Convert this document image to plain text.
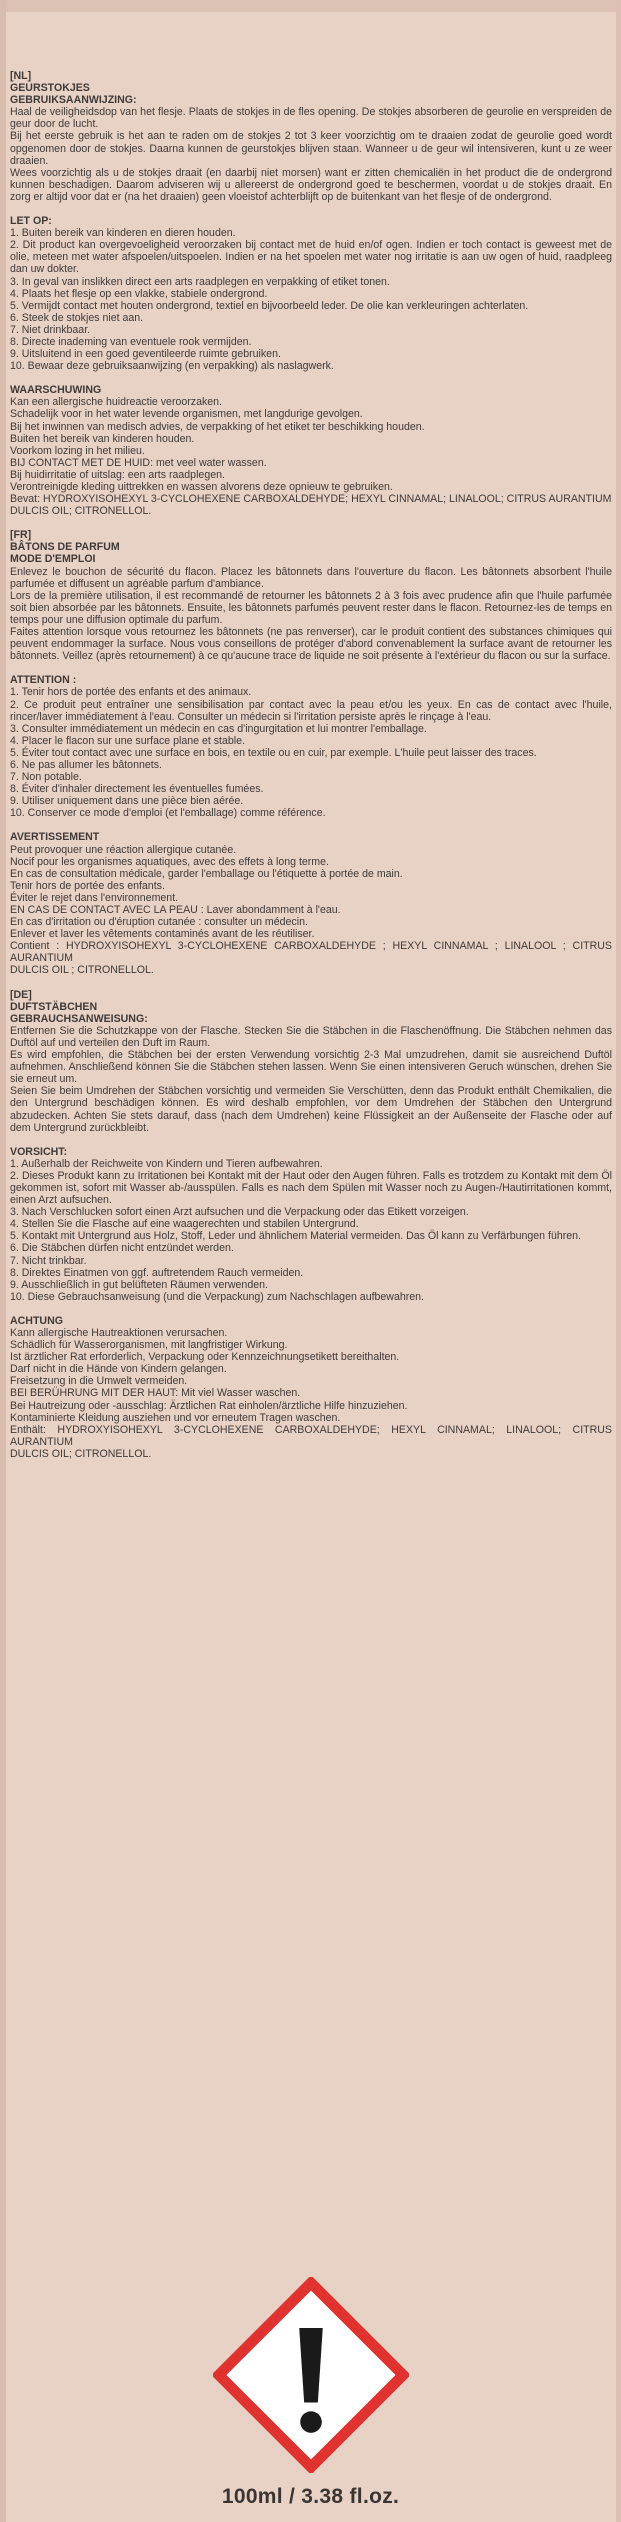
[NL]
GEURSTOKJES
GEBRUIKSAANWIJZING:
Haal de veiligheidsdop van het flesje. Plaats de stokjes in de fles opening. De stokjes absorberen de geurolie en verspreiden de geur door de lucht.
Bij het eerste gebruik is het aan te raden om de stokjes 2 tot 3 keer voorzichtig om te draaien zodat de geurolie goed wordt opgenomen door de stokjes. Daarna kunnen de geurstokjes blijven staan. Wanneer u de geur wil intensiveren, kunt u ze weer draaien.
Wees voorzichtig als u de stokjes draait (en daarbij niet morsen) want er zitten chemicaliën in het product die de ondergrond kunnen beschadigen. Daarom adviseren wij u allereerst de ondergrond goed te beschermen, voordat u de stokjes draait. En zorg er altijd voor dat er (na het draaien) geen vloeistof achterblijft op de buitenkant van het flesje of de ondergrond.
LET OP:
1. Buiten bereik van kinderen en dieren houden.
2. Dit product kan overgevoeligheid veroorzaken bij contact met de huid en/of ogen. Indien er toch contact is geweest met de olie, meteen met water afspoelen/uitspoelen. Indien er na het spoelen met water nog irritatie is aan uw ogen of huid, raadpleeg dan uw dokter.
3. In geval van inslikken direct een arts raadplegen en verpakking of etiket tonen.
4. Plaats het flesje op een vlakke, stabiele ondergrond.
5. Vermijdt contact met houten ondergrond, textiel en bijvoorbeeld leder. De olie kan verkleuringen achterlaten.
6. Steek de stokjes niet aan.
7. Niet drinkbaar.
8. Directe inademing van eventuele rook vermijden.
9. Uitsluitend in een goed geventileerde ruimte gebruiken.
10. Bewaar deze gebruiksaanwijzing (en verpakking) als naslagwerk.
WAARSCHUWING
Kan een allergische huidreactie veroorzaken.
Schadelijk voor in het water levende organismen, met langdurige gevolgen.
Bij het inwinnen van medisch advies, de verpakking of het etiket ter beschikking houden.
Buiten het bereik van kinderen houden.
Voorkom lozing in het milieu.
BIJ CONTACT MET DE HUID: met veel water wassen.
Bij huidirritatie of uitslag: een arts raadplegen.
Verontreinigde kleding uittrekken en wassen alvorens deze opnieuw te gebruiken.
Bevat: HYDROXYISOHEXYL 3-CYCLOHEXENE CARBOXALDEHYDE; HEXYL CINNAMAL; LINALOOL; CITRUS AURANTIUM
DULCIS OIL; CITRONELLOL.
[FR]
BÂTONS DE PARFUM
MODE D'EMPLOI
Enlevez le bouchon de sécurité du flacon. Placez les bâtonnets dans l'ouverture du flacon. Les bâtonnets absorbent l'huile parfumée et diffusent un agréable parfum d'ambiance.
Lors de la première utilisation, il est recommandé de retourner les bâtonnets 2 à 3 fois avec prudence afin que l'huile parfumée soit bien absorbée par les bâtonnets. Ensuite, les bâtonnets parfumés peuvent rester dans le flacon. Retournez-les de temps en temps pour une diffusion optimale du parfum.
Faites attention lorsque vous retournez les bâtonnets (ne pas renverser), car le produit contient des substances chimiques qui peuvent endommager la surface. Nous vous conseillons de protéger d'abord convenablement la surface avant de retourner les bâtonnets. Veillez (après retournement) à ce qu'aucune trace de liquide ne soit présente à l'extérieur du flacon ou sur la surface.
ATTENTION :
1. Tenir hors de portée des enfants et des animaux.
2. Ce produit peut entraîner une sensibilisation par contact avec la peau et/ou les yeux. En cas de contact avec l'huile, rincer/laver immédiatement à l'eau. Consulter un médecin si l'irritation persiste après le rinçage à l'eau.
3. Consulter immédiatement un médecin en cas d'ingurgitation et lui montrer l'emballage.
4. Placer le flacon sur une surface plane et stable.
5. Éviter tout contact avec une surface en bois, en textile ou en cuir, par exemple. L'huile peut laisser des traces.
6. Ne pas allumer les bâtonnets.
7. Non potable.
8. Éviter d'inhaler directement les éventuelles fumées.
9. Utiliser uniquement dans une pièce bien aérée.
10. Conserver ce mode d'emploi (et l'emballage) comme référence.
AVERTISSEMENT
Peut provoquer une réaction allergique cutanée.
Nocif pour les organismes aquatiques, avec des effets à long terme.
En cas de consultation médicale, garder l'emballage ou l'étiquette à portée de main.
Tenir hors de portée des enfants.
Éviter le rejet dans l'environnement.
EN CAS DE CONTACT AVEC LA PEAU : Laver abondamment à l'eau.
En cas d'irritation ou d'éruption cutanée : consulter un médecin.
Enlever et laver les vêtements contaminés avant de les réutiliser.
Contient : HYDROXYISOHEXYL 3-CYCLOHEXENE CARBOXALDEHYDE ; HEXYL CINNAMAL ; LINALOOL ; CITRUS AURANTIUM
DULCIS OIL ; CITRONELLOL.
[DE]
DUFTSTÄBCHEN
GEBRAUCHSANWEISUNG:
Entfernen Sie die Schutzkappe von der Flasche. Stecken Sie die Stäbchen in die Flaschenöffnung. Die Stäbchen nehmen das Duftöl auf und verteilen den Duft im Raum.
Es wird empfohlen, die Stäbchen bei der ersten Verwendung vorsichtig 2-3 Mal umzudrehen, damit sie ausreichend Duftöl aufnehmen. Anschließend können Sie die Stäbchen stehen lassen. Wenn Sie einen intensiveren Geruch wünschen, drehen Sie sie erneut um.
Seien Sie beim Umdrehen der Stäbchen vorsichtig und vermeiden Sie Verschütten, denn das Produkt enthält Chemikalien, die den Untergrund beschädigen können. Es wird deshalb empfohlen, vor dem Umdrehen der Stäbchen den Untergrund abzudecken. Achten Sie stets darauf, dass (nach dem Umdrehen) keine Flüssigkeit an der Außenseite der Flasche oder auf dem Untergrund zurückbleibt.
VORSICHT:
1. Außerhalb der Reichweite von Kindern und Tieren aufbewahren.
2. Dieses Produkt kann zu Irritationen bei Kontakt mit der Haut oder den Augen führen. Falls es trotzdem zu Kontakt mit dem Öl gekommen ist, sofort mit Wasser ab-/ausspülen. Falls es nach dem Spülen mit Wasser noch zu Augen-/Hautirritationen kommt, einen Arzt aufsuchen.
3. Nach Verschlucken sofort einen Arzt aufsuchen und die Verpackung oder das Etikett vorzeigen.
4. Stellen Sie die Flasche auf eine waagerechten und stabilen Untergrund.
5. Kontakt mit Untergrund aus Holz, Stoff, Leder und ähnlichem Material vermeiden. Das Öl kann zu Verfärbungen führen.
6. Die Stäbchen dürfen nicht entzündet werden.
7. Nicht trinkbar.
8. Direktes Einatmen von ggf. auftretendem Rauch vermeiden.
9. Ausschließlich in gut belüfteten Räumen verwenden.
10. Diese Gebrauchsanweisung (und die Verpackung) zum Nachschlagen aufbewahren.
ACHTUNG
Kann allergische Hautreaktionen verursachen.
Schädlich für Wasserorganismen, mit langfristiger Wirkung.
Ist ärztlicher Rat erforderlich, Verpackung oder Kennzeichnungsetikett bereithalten.
Darf nicht in die Hände von Kindern gelangen.
Freisetzung in die Umwelt vermeiden.
BEI BERÜHRUNG MIT DER HAUT: Mit viel Wasser waschen.
Bei Hautreizung oder -ausschlag: Ärztlichen Rat einholen/ärztliche Hilfe hinzuziehen.
Kontaminierte Kleidung ausziehen und vor erneutem Tragen waschen.
Enthält: HYDROXYISOHEXYL 3-CYCLOHEXENE CARBOXALDEHYDE; HEXYL CINNAMAL; LINALOOL; CITRUS AURANTIUM
DULCIS OIL; CITRONELLOL.
100ml / 3.38 fl.oz.
